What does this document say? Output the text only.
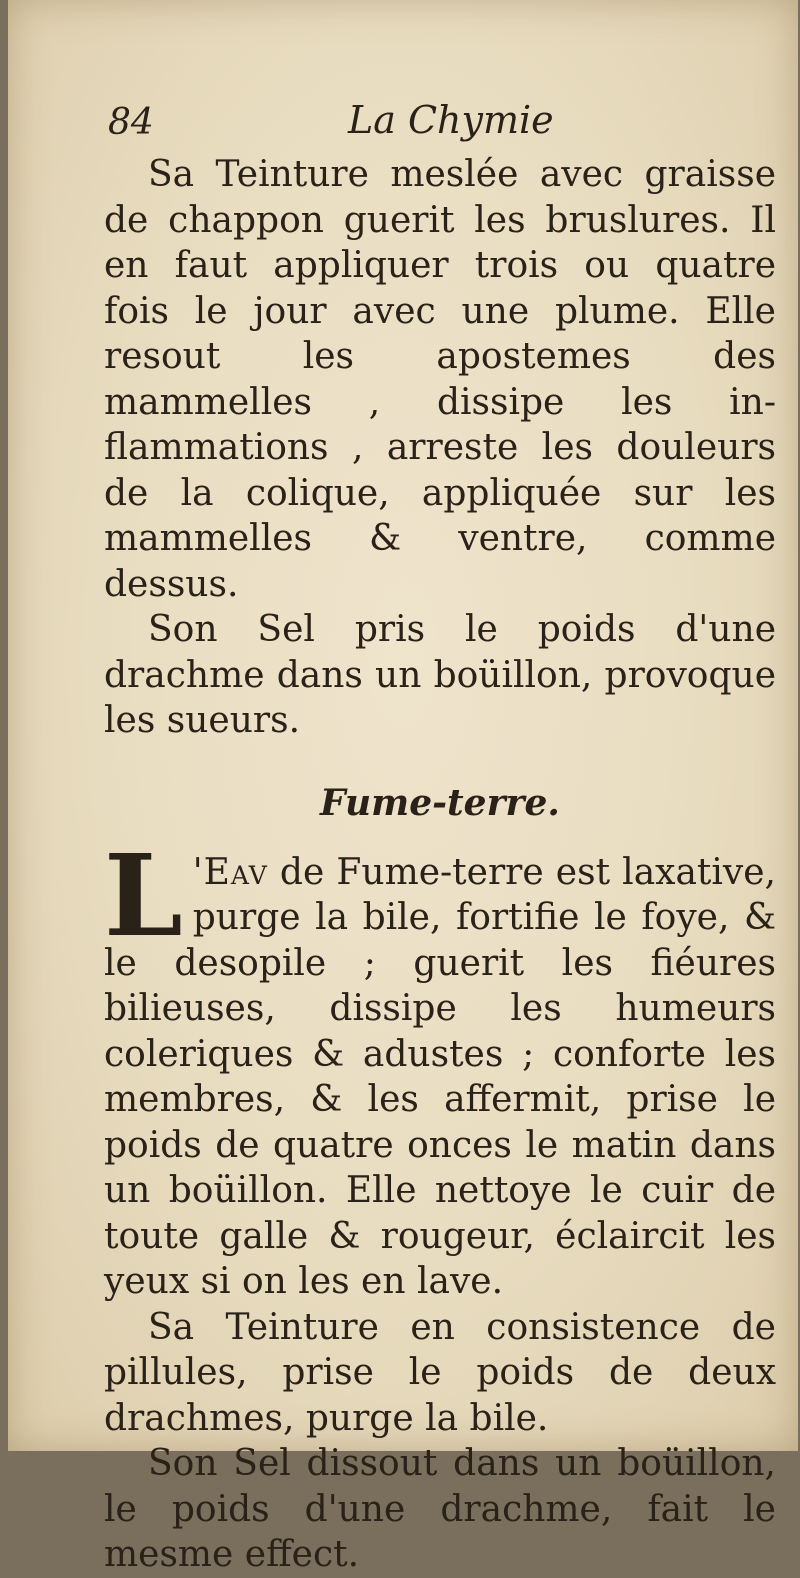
84	La Chymie

Sa Teinture meslée avec graisse de chappon guerit les bruslures. Il en faut appliquer trois ou quatre fois le jour avec une plume. Elle resout les apostemes des mammelles , dissipe les inflammations , arreste les douleurs de la colique, appliquée sur les mammelles & ventre, comme dessus.

Son Sel pris le poids d'une drachme dans un boüillon, provoque les sueurs.

Fume-terre.

L 'Eav de Fume-terre est laxative, purge la bile, fortifie le foye, & le desopile ; guerit les fiéures bilieuses, dissipe les humeurs coleriques & adustes ; conforte les membres, & les affermit, prise le poids de quatre onces le matin dans un boüillon. Elle nettoye le cuir de toute galle & rougeur, éclaircit les yeux si on les en lave.

Sa Teinture en consistence de pillules, prise le poids de deux drachmes, purge la bile.

Son Sel dissout dans un boüillon, le poids d'une drachme, fait le mesme effect.
